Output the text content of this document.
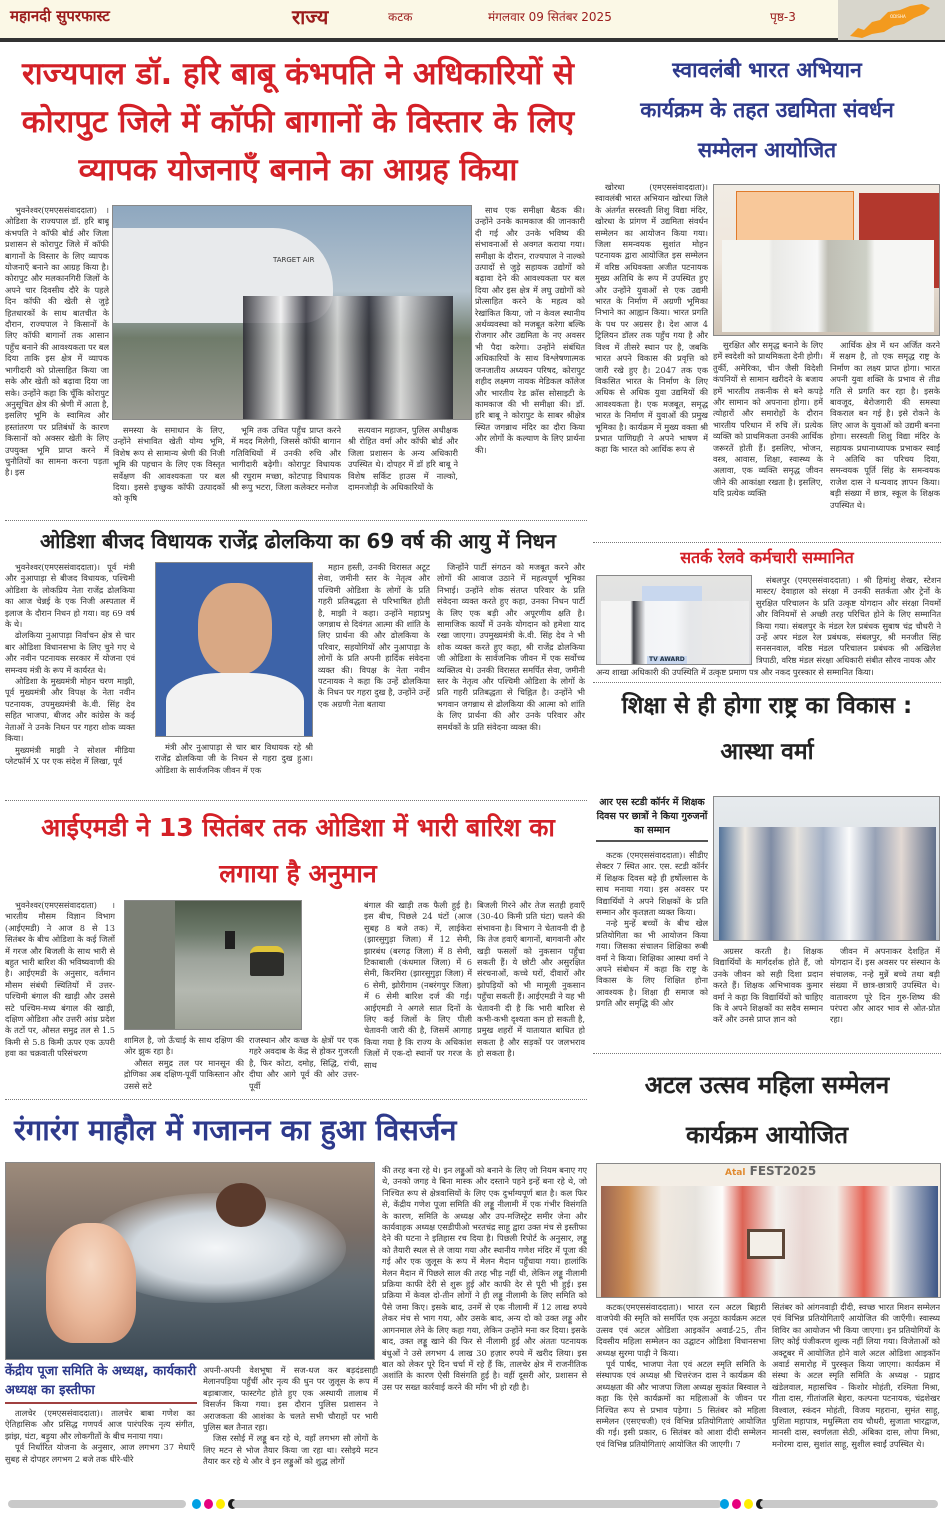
महानदी सुपरफास्ट	राज्य	कटक	मंगलवार 09 सितंबर 2025	पृष्ठ-3	ODISHA
राज्यपाल डॉ. हरि बाबू कंभपति ने अधिकारियों से
कोरापुट जिले में कॉफी बागानों के विस्तार के लिए
व्यापक योजनाएँ बनाने का आग्रह किया

भुवनेश्वर(एमएससंवाददाता) । ओडिशा के राज्यपाल डॉ. हरि बाबू कंभपति ने कॉफी बोर्ड और जिला प्रशासन से कोरापुट जिले में कॉफी बागानों के विस्तार के लिए व्यापक योजनाएँ बनाने का आग्रह किया है। कोरापुट और मलकानगिरी जिलों के अपने चार दिवसीय दौरे के पहले दिन कॉफी की खेती से जुड़े हितधारकों के साथ बातचीत के दौरान, राज्यपाल ने किसानों के लिए कॉफी बागानों तक आसान पहुँच बनाने की आवश्यकता पर बल दिया ताकि इस क्षेत्र में व्यापक भागीदारी को प्रोत्साहित किया जा सके और खेती को बढ़ावा दिया जा सके। उन्होंने कहा कि चूँकि कोरापुट अनुसूचित क्षेत्र की श्रेणी में आता है, इसलिए भूमि के स्वामित्व और हस्तांतरण पर प्रतिबंधों के कारण किसानों को अक्सर खेती के लिए उपयुक्त भूमि प्राप्त करने में चुनौतियों का सामना करना पड़ता है। इस

TARGET AIR

समस्या के समाधान के लिए, उन्होंने संभावित खेती योग्य भूमि, विशेष रूप से सामान्य श्रेणी की निजी भूमि की पहचान के लिए एक विस्तृत सर्वेक्षण की आवश्यकता पर बल दिया। इससे इच्छुक कॉफी उत्पादकों को कृषि

भूमि तक उचित पहुँच प्राप्त करने में मदद मिलेगी, जिससे कॉफी बागान गतिविधियों में उनकी रुचि और भागीदारी बढ़ेगी। कोरापुट विधायक श्री रघुराम मच्छा, कोटपाड़ विधायक श्री रूपु भटरा, जिला कलेक्टर मनोज

सत्यवान महाजन, पुलिस अधीक्षक श्री रोहित वर्मा और कॉफी बोर्ड और जिला प्रशासन के अन्य अधिकारी उपस्थित थे। दोपहर में डॉ हरि बाबू ने विशेष सर्किट हाउस में नाल्को, दामनजोड़ी के अधिकारियों के

साथ एक समीक्षा बैठक की। उन्होंने उनके कामकाज की जानकारी दी गई और उनके भविष्य की संभावनाओं से अवगत कराया गया। समीक्षा के दौरान, राज्यपाल ने नाल्को उत्पादों से जुड़े सहायक उद्योगों को बढ़ावा देने की आवश्यकता पर बल दिया और इस क्षेत्र में लघु उद्योगों को प्रोत्साहित करने के महत्व को रेखांकित किया, जो न केवल स्थानीय अर्थव्यवस्था को मजबूत करेगा बल्कि रोजगार और उद्यमिता के नए अवसर भी पैदा करेगा। उन्होंने संबंधित अधिकारियों के साथ विश्लेषणात्मक जनजातीय अध्ययन परिषद, कोरापुट शहीद लक्ष्मण नायक मेडिकल कॉलेज और भारतीय रेड क्रॉस सोसाइटी के कामकाज की भी समीक्षा की। डॉ. हरि बाबू ने कोरापुट के साबर श्रीक्षेत्र स्थित जगन्नाथ मंदिर का दौरा किया और लोगों के कल्याण के लिए प्रार्थना की।

स्वावलंबी भारत अभियान
कार्यक्रम के तहत उद्यमिता संवर्धन
सम्मेलन आयोजित

खोरधा (एमएससंवाददाता)। स्वावलंबी भारत अभियान खोरधा जिले के अंतर्गत सरस्वती शिशु विद्या मंदिर, खोरधा के प्रांगण में उद्यमिता संवर्धन सम्मेलन का आयोजन किया गया। जिला समन्वयक सुशांत मोहन पटनायक द्वारा आयोजित इस सम्मेलन में वरिष्ठ अधिवक्ता अजीत पटनायक मुख्य अतिथि के रूप में उपस्थित हुए और उन्होंने युवाओं से एक उद्यमी भारत के निर्माण में अग्रणी भूमिका निभाने का आह्वान किया। भारत प्रगति के पथ पर अग्रसर है। देश आज 4 ट्रिलियन डॉलर तक पहुँच गया है और विश्व में तीसरे स्थान पर है, जबकि भारत अपने विकास की प्रवृत्ति को जारी रखे हुए है। 2047 तक एक विकसित भारत के निर्माण के लिए अधिक से अधिक युवा उद्यमियों की आवश्यकता है। एक मजबूत, समृद्ध भारत के निर्माण में युवाओं की प्रमुख भूमिका है। कार्यक्रम में मुख्य वक्ता श्री प्रभात पाणिग्रही ने अपने भाषण में कहा कि भारत को आर्थिक रूप से

सुरक्षित और समृद्ध बनाने के लिए हमें स्वदेशी को प्राथमिकता देनी होगी। तुर्की, अमेरिका, चीन जैसी विदेशी कंपनियों से सामान खरीदने के बजाय हमें भारतीय तकनीक से बने कपड़े और सामान को अपनाना होगा। हमें त्योहारों और समारोहों के दौरान भारतीय परिधान में रुचि लें। प्रत्येक व्यक्ति को प्राथमिकता उनकी आर्थिक जरूरतें होती हैं। इसलिए, भोजन, वस्त्र, आवास, शिक्षा, स्वास्थ्य के अलावा, एक व्यक्ति समृद्ध जीवन जीने की आकांक्षा रखता है। इसलिए, यदि प्रत्येक व्यक्ति

आर्थिक क्षेत्र में धन अर्जित करने में सक्षम है, तो एक समृद्ध राष्ट्र के निर्माण का लक्ष्य प्राप्त होगा। भारत अपनी युवा शक्ति के प्रभाव से तीव्र गति से प्रगति कर रहा है। इसके बावजूद, बेरोजगारी की समस्या विकराल बन गई है। इसे रोकने के लिए आज के युवाओं को उद्यमी बनना होगा। सरस्वती शिशु विद्या मंदिर के सहायक प्रधानाध्यापक प्रभाकर स्वाईं ने अतिथि का परिचय दिया, समन्वयक पूर्ति सिंह के समन्वयक राजेश दास ने धन्यवाद ज्ञापन किया। बड़ी संख्या में छात्र, स्कूल के शिक्षक उपस्थित थे।

ओडिशा बीजद विधायक राजेंद्र ढोलकिया का 69 वर्ष की आयु में निधन

भुवनेश्वर(एमएससंवाददाता)। पूर्व मंत्री और नुआपाड़ा से बीजद विधायक, पश्चिमी ओडिशा के लोकप्रिय नेता राजेंद्र ढोलकिया का आज चेन्नई के एक निजी अस्पताल में इलाज के दौरान निधन हो गया। वह 69 वर्ष के थे।

ढोलकिया नुआपाड़ा निर्वाचन क्षेत्र से चार बार ओडिशा विधानसभा के लिए चुने गए थे और नवीन पटनायक सरकार में योजना एवं समन्वय मंत्री के रूप में कार्यरत थे।

ओडिशा के मुख्यमंत्री मोहन चरण माझी, पूर्व मुख्यमंत्री और विपक्ष के नेता नवीन पटनायक, उपमुख्यमंत्री के.वी. सिंह देव सहित भाजपा, बीजद और कांग्रेस के कई नेताओं ने उनके निधन पर गहरा शोक व्यक्त किया।

मुख्यमंत्री माझी ने सोशल मीडिया प्लेटफॉर्म X पर एक संदेश में लिखा, पूर्व

मंत्री और नुआपाड़ा से चार बार विधायक रहे श्री राजेंद्र ढोलकिया जी के निधन से गहरा दुख हुआ। ओडिशा के सार्वजनिक जीवन में एक

महान हस्ती, उनकी विरासत अटूट सेवा, जमीनी स्तर के नेतृत्व और पश्चिमी ओडिशा के लोगों के प्रति गहरी प्रतिबद्धता से परिभाषित होती है, माझी ने कहा। उन्होंने महाप्रभु जगन्नाथ से दिवंगत आत्मा की शांति के लिए प्रार्थना की और ढोलकिया के परिवार, सहयोगियों और नुआपाड़ा के लोगों के प्रति अपनी हार्दिक संवेदना व्यक्त की। विपक्ष के नेता नवीन पटनायक ने कहा कि उन्हें ढोलकिया के निधन पर गहरा दुख है, उन्होंने उन्हें एक अग्रणी नेता बताया

जिन्होंने पार्टी संगठन को मजबूत करने और लोगों की आवाज उठाने में महत्वपूर्ण भूमिका निभाई। उन्होंने शोक संतप्त परिवार के प्रति संवेदना व्यक्त करते हुए कहा, उनका निधन पार्टी के लिए एक बड़ी और अपूरणीय क्षति है। सामाजिक कार्यों में उनके योगदान को हमेशा याद रखा जाएगा। उपमुख्यमंत्री के.वी. सिंह देव ने भी शोक व्यक्त करते हुए कहा, श्री राजेंद्र ढोलकिया जी ओडिशा के सार्वजनिक जीवन में एक सर्वोच्च व्यक्तित्व थे। उनकी विरासत समर्पित सेवा, जमीनी स्तर के नेतृत्व और पश्चिमी ओडिशा के लोगों के प्रति गहरी प्रतिबद्धता से चिह्नित है। उन्होंने भी भगवान जगन्नाथ से ढोलकिया की आत्मा को शांति के लिए प्रार्थना की और उनके परिवार और समर्थकों के प्रति संवेदना व्यक्त की।

सतर्क रेलवे कर्मचारी सम्मानित
TV AWARD

संबलपुर (एमएससंवाददाता) । श्री हिमांशु शेखर, स्टेशन मास्टर/ देवाहाल को संरक्षा में उनकी सतर्कता और ट्रेनों के सुरक्षित परिचालन के प्रति उत्कृष्ट योगदान और संरक्षा नियमों और विनियमों से अच्छी तरह परिचित होने के लिए सम्मानित किया गया। संबलपुर के मंडल रेल प्रबंधक सुबाष चंद्र चौधरी ने उन्हें अपर मंडल रेल प्रबंधक, संबलपुर, श्री मनजीत सिंह सनसनवाल, वरिष्ठ मंडल परिचालन प्रबंधक श्री अखिलेश त्रिपाठी, वरिष्ठ मंडल संरक्षा अधिकारी संबीत सौरव नायक और

अन्य शाखा अधिकारी की उपस्थिति में उत्कृष्ट प्रमाण पत्र और नकद पुरस्कार से सम्मानित किया।

शिक्षा से ही होगा राष्ट्र का विकास :
आस्था वर्मा
आर एस स्टडी कॉर्नर में शिक्षक दिवस पर छात्रों ने किया गुरुजनों का सम्मान

कटक (एमएससंवाददाता)। सीडीए सेक्टर 7 स्थित आर. एस. स्टडी कॉर्नर में शिक्षक दिवस बड़े ही हर्षोल्लास के साथ मनाया गया। इस अवसर पर विद्यार्थियों ने अपने शिक्षकों के प्रति सम्मान और कृतज्ञता व्यक्त किया।

नन्हे मुन्हें बच्चों के बीच खेल प्रतियोगिता का भी आयोजन किया गया। जिसका संचालन शिक्षिका रूबी वर्मा ने किया। शिक्षिका आस्था वर्मा ने अपने संबोधन में कहा कि राष्ट्र के विकास के लिए शिक्षित होना आवश्यक है। शिक्षा ही समाज को प्रगति और समृद्धि की ओर

अग्रसर करती है। शिक्षक विद्यार्थियों के मार्गदर्शक होते हैं, जो उनके जीवन को सही दिशा प्रदान करते हैं। शिक्षक अभिभावक कुमार वर्मा ने कहा कि विद्यार्थियों को चाहिए कि वे अपने शिक्षकों का सदैव सम्मान करें और उनसे प्राप्त ज्ञान को

जीवन में अपनाकर देशहित में योगदान दें। इस अवसर पर संस्थान के संचालक, नन्हे मुन्नें बच्चे तथा बड़ी संख्या में छात्र-छात्राएँ उपस्थित थे। वातावरण पूरे दिन गुरु-शिष्य की परंपरा और आदर भाव से ओत-प्रोत रहा।

आईएमडी ने 13 सितंबर तक ओडिशा में भारी बारिश का
लगाया है अनुमान

भुवनेश्वर(एमएससंवाददाता) । भारतीय मौसम विज्ञान विभाग (आईएमडी) ने आज 8 से 13 सितंबर के बीच ओडिशा के कई जिलों में गरज और बिजली के साथ भारी से बहुत भारी बारिश की भविष्यवाणी की है। आईएमडी के अनुसार, वर्तमान मौसम संबंधी स्थितियों में उत्तर-पश्चिमी बंगाल की खाड़ी और उससे सटे पश्चिम-मध्य बंगाल की खाड़ी, दक्षिण ओडिशा और उत्तरी आंध्र प्रदेश के तटों पर, औसत समुद्र तल से 1.5 किमी से 5.8 किमी ऊपर एक ऊपरी हवा का चक्रवाती परिसंचरण

शामिल है, जो ऊँचाई के साथ दक्षिण की ओर झुक रहा है।

औसत समुद्र तल पर मानसून की द्रोणिका अब दक्षिण-पूर्वी पाकिस्तान और उससे सटे

राजस्थान और कच्छ के क्षेत्रों पर एक गहरे अवदाब के केंद्र से होकर गुजरती है, फिर कोटा, दमोह, सिद्धि, रांची, दीघा और आगे पूर्व की ओर उत्तर-पूर्वी

बंगाल की खाड़ी तक फैली हुई है। इस बीच, पिछले 24 घंटों (आज सुबह 8 बजे तक) में, लाईकेरा (झारसुगुड़ा जिला) में 12 सेमी, झारबंध (बरगढ़ जिला) में 8 सेमी, टिकाबाली (कंधमाल जिला) में 6 सेमी, किरमिरा (झारसुगुड़ा जिला) में 6 सेमी, झोरीगाम (नबरंगपुर जिला) में 6 सेमी बारिश दर्ज की गई। आईएमडी ने अगले सात दिनों के लिए कई जिलों के लिए पीली चेतावनी जारी की है, जिसमें आगाह किया गया है कि राज्य के अधिकांश जिलों में एक-दो स्थानों पर गरज के साथ

बिजली गिरने और तेज सतही हवाएँ (30-40 किमी प्रति घंटा) चलने की संभावना है। विभाग ने चेतावनी दी है कि तेज हवाएँ बागानों, बागवानी और खड़ी फसलों को नुकसान पहुँचा सकती हैं। ये छोटी और असुरक्षित संरचनाओं, कच्चे घरों, दीवारों और झोपड़ियों को भी मामूली नुकसान पहुँचा सकती हैं। आईएमडी ने यह भी चेतावनी दी है कि भारी बारिश से कभी-कभी दृश्यता कम हो सकती है, प्रमुख शहरों में यातायात बाधित हो सकता है और सड़कों पर जलभराव हो सकता है।

रंगारंग माहौल में गजानन का हुआ विसर्जन
केंद्रीय पूजा समिति के अध्यक्ष, कार्यकारी अध्यक्ष का इस्तीफा

तालचेर (एमएससंवाददाता)। तालचेर बाबा गणेश का ऐतिहासिक और प्रसिद्ध गणपर्व आज पारंपरिक नृत्य संगीत, झांझ, घंटा, बड़ुया और लोकगीतों के बीच मनाया गया।

पूर्व निर्धारित योजना के अनुसार, आज लगभग 37 मेधाएँ सुबह से दोपहर लगभग 2 बजे तक धीरे-धीरे

अपनी-अपनी वेशभूषा में सज-धज कर बड़दंडसाही मेलानपड़िया पहुँचीं और नृत्य की धुन पर जुलूस के रूप में बड़ाबाजार, फास्टगेट होते हुए एक अस्थायी तालाब में विसर्जन किया गया। इस दौरान पुलिस प्रशासन ने अराजकता की आशंका के चलते सभी चौराहों पर भारी पुलिस बल तैनात रहा।

जिस रसोई में लड्डू बन रहे थे, वहाँ लगभग सौ लोगों के लिए मटन से भोज तैयार किया जा रहा था। रसोइये मटन तैयार कर रहे थे और वे इन लड्डुओं को शुद्ध लोगों

की तरह बना रहे थे। इन लड्डुओं को बनाने के लिए जो नियम बनाए गए थे, उनको जगह वे बिना मास्क और दस्ताने पहने इन्हें बना रहे थे, जो निश्चित रूप से क्षेत्रवासियों के लिए एक दुर्भाग्यपूर्ण बात है। कल फिर से, केंद्रीय गणेश पूजा समिति की लड्डू नीलामी में एक गंभीर विसंगति के कारण, समिति के अध्यक्ष और उप-मजिस्ट्रेट समीर जेना और कार्यवाहक अध्यक्ष एसडीपीओ भरतचंद्र साहू द्वारा उक्त मंच से इस्तीफा देने की घटना ने इतिहास रच दिया है। पिछली रिपोर्ट के अनुसार, लड्डू को तैयारी स्थल से ले जाया गया और स्थानीय गणेश मंदिर में पूजा की गई और एक जुलूस के रूप में मेलन मैदान पहुँचाया गया। हालांकि मेलन मैदान में पिछले साल की तरह भीड़ नहीं थी, लेकिन लड्डू नीलामी प्रक्रिया काफी देरी से शुरू हुई और काफी देर से पूरी भी हुई। इस प्रक्रिया में केवल दो-तीन लोगों ने ही लड्डू नीलामी के लिए समिति को पैसे जमा किए। इसके बाद, उनमें से एक नीलामी में 12 लाख रुपये लेकर मंच से भाग गया, और उसके बाद, अन्य दो को उक्त लड्डू और आगनमाल लेने के लिए कहा गया, लेकिन उन्होंने मना कर दिया। इसके बाद, उक्त लड्डू खाने की फिर से नीलामी हुई और अंततः पटनायक बंधुओं ने उसे लगभग 4 लाख 30 हज़ार रुपये में खरीद लिया। इस बात को लेकर पूरे दिन चर्चा में रहे हैं कि, तालचेर क्षेत्र में राजनीतिक अशांति के कारण ऐसी विसंगति हुई है। वहीं दूसरी ओर, प्रशासन से उस पर सख्त कार्रवाई करने की माँग भी हो रही है।

अटल उत्सव महिला सम्मेलन
कार्यक्रम आयोजित
Atal FEST2025

कटक(एमएससंवाददाता)। भारत रत्न अटल बिहारी वाजपेयी की स्मृति को समर्पित एक अनूठा कार्यक्रम अटल उत्सव एवं अटल ओडिशा आइकॉन अवार्ड-25, तीन दिवसीय महिला सम्मेलन का उद्घाटन ओडिशा विधानसभा अध्यक्ष सुरमा पाढ़ी ने किया।

पूर्व पार्षद, भाजपा नेता एवं अटल स्मृति समिति के संस्थापक एवं अध्यक्ष श्री चित्तरंजन दास ने कार्यक्रम की अध्यक्षता की और भाजपा जिला अध्यक्ष सुकांत बिस्वाल ने कहा कि ऐसे कार्यक्रमों का महिलाओं के जीवन पर निश्चित रूप से प्रभाव पड़ेगा। 5 सितंबर को महिला सम्मेलन (एसएचजी) एवं विभिन्न प्रतियोगिताएं आयोजित की गई। इसी प्रकार, 6 सितंबर को आशा दीदी सम्मेलन एवं विभिन्न प्रतियोगिताएं आयोजित की जाएगी। 7

सितंबर को आंगनवाड़ी दीदी, स्वच्छ भारत मिशन सम्मेलन एवं विभिन्न प्रतियोगिताएँ आयोजित की जाएँगी। स्वास्थ्य शिविर का आयोजन भी किया जाएगा। इन प्रतियोगियों के लिए कोई पंजीकरण शुल्क नहीं लिया गया। विजेताओं को अक्टूबर में आयोजित होने वाले अटल ओडिशा आइकॉन अवार्ड समारोह में पुरस्कृत किया जाएगा। कार्यक्रम में संस्था के अटल स्मृति समिति के अध्यक्ष - प्रह्लाद खंडेलवाल, महासचिव - किशोर मोहंती, रश्मिता मिश्रा, गीता दास, गीतांजलि बेहरा, कल्पना पटनायक, चंद्रशेखर विश्वाल, स्कंदन मोहंती, विजय महराना, सुमंत साहू, पुशिता महापात्र, मधुस्मिता राय चौधरी, सुजाता भारद्वाज, मानसी दास, स्वर्णलता सेठी, अंबिका दास, लोपा मिश्रा, मनोरमा दास, सुशांत साहू, सुशील स्वाईं उपस्थित थे।
